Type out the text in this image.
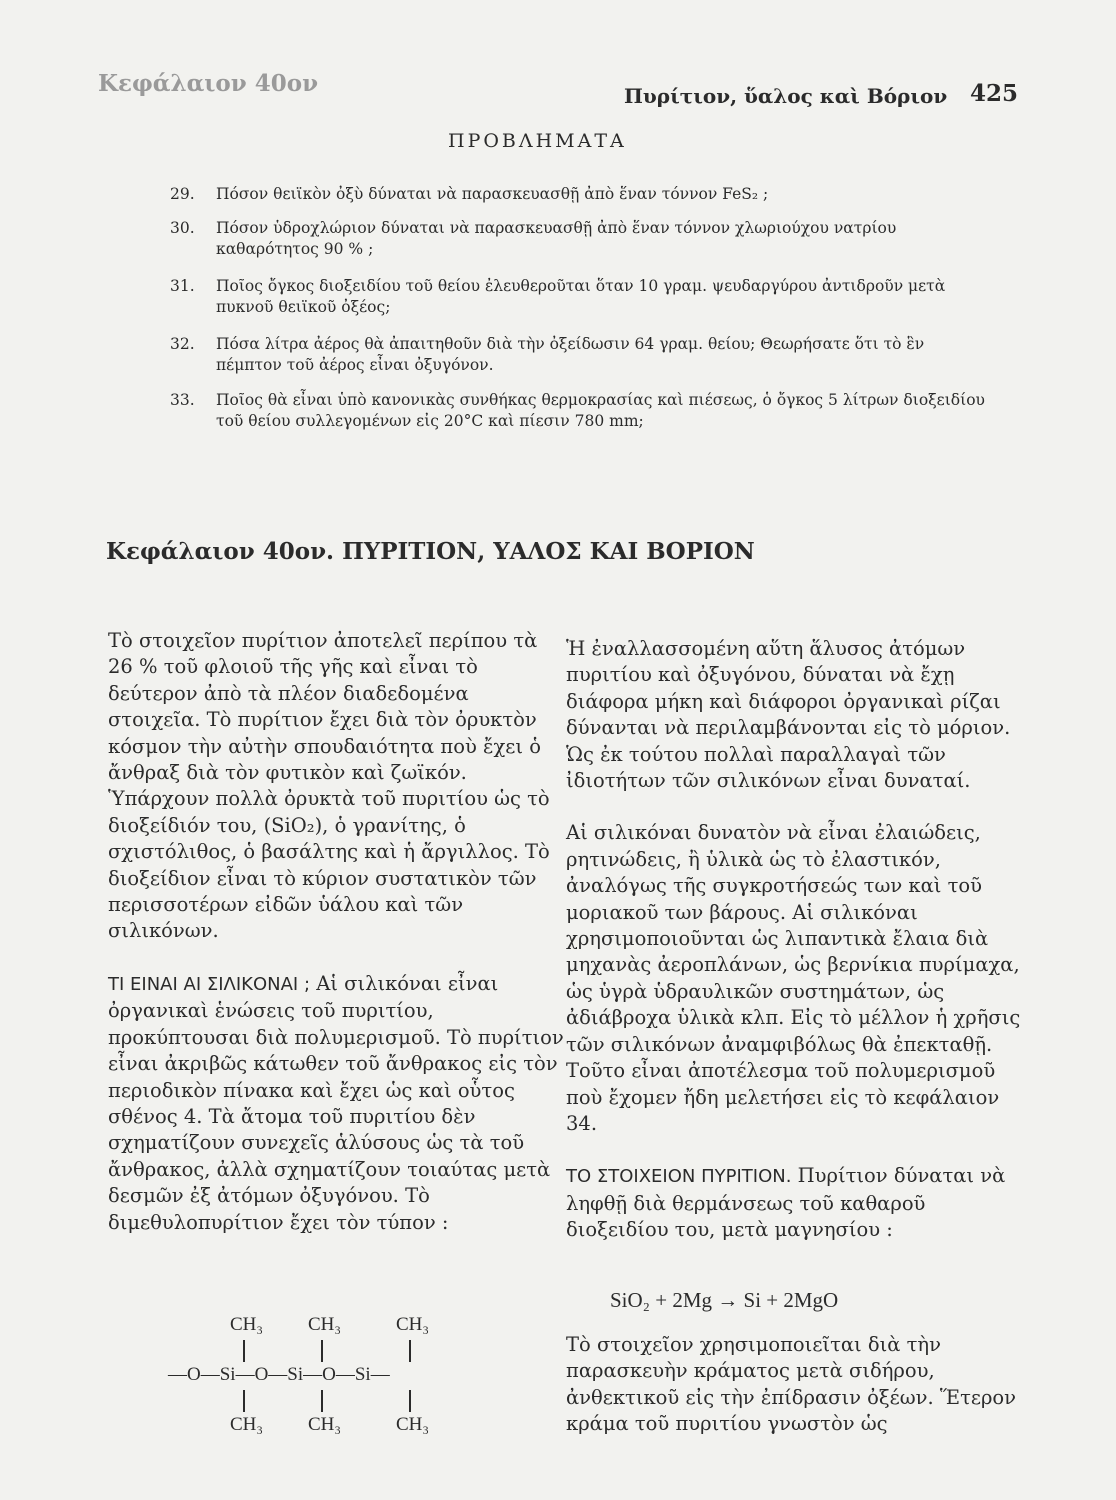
Κεφάλαιον 40ον	Πυρίτιον, ὕαλος καὶ Βόριον 425
ΠΡΟΒΛΗΜΑΤΑ
29. Πόσον θειϊκὸν ὀξὺ δύναται νὰ παρασκευασθῇ ἀπὸ ἕναν τόννον FeS₂ ;
30. Πόσον ὑδροχλώριον δύναται νὰ παρασκευασθῇ ἀπὸ ἕναν τόννον χλωριούχου νατρίου καθαρότητος 90 % ;
31. Ποῖος ὄγκος διοξειδίου τοῦ θείου ἐλευθεροῦται ὅταν 10 γραμ. ψευδαργύρου ἀντιδροῦν μετὰ πυκνοῦ θειϊκοῦ ὀξέος;
32. Πόσα λίτρα ἀέρος θὰ ἀπαιτηθοῦν διὰ τὴν ὀξείδωσιν 64 γραμ. θείου; Θεωρήσατε ὅτι τὸ ἓν πέμπτον τοῦ ἀέρος εἶναι ὀξυγόνον.
33. Ποῖος θὰ εἶναι ὑπὸ κανονικὰς συνθήκας θερμοκρασίας καὶ πιέσεως, ὁ ὄγκος 5 λίτρων διοξειδίου τοῦ θείου συλλεγομένων εἰς 20°C καὶ πίεσιν 780 mm;
Κεφάλαιον 40ον. ΠΥΡΙΤΙΟΝ, ΥΑΛΟΣ ΚΑΙ ΒΟΡΙΟΝ

Τὸ στοιχεῖον πυρίτιον ἀποτελεῖ περίπου τὰ 26 % τοῦ φλοιοῦ τῆς γῆς καὶ εἶναι τὸ δεύτερον ἀπὸ τὰ πλέον διαδεδομένα στοιχεῖα. Τὸ πυρίτιον ἔχει διὰ τὸν ὀρυκτὸν κόσμον τὴν αὐτὴν σπουδαιότητα ποὺ ἔχει ὁ ἄνθραξ διὰ τὸν φυτικὸν καὶ ζωϊκόν. Ὑπάρχουν πολλὰ ὀρυκτὰ τοῦ πυριτίου ὡς τὸ διοξείδιόν του, (SiO₂), ὁ γρανίτης, ὁ σχιστόλιθος, ὁ βασάλτης καὶ ἡ ἄργιλλος. Τὸ διοξείδιον εἶναι τὸ κύριον συστατικὸν τῶν περισσοτέρων εἰδῶν ὑάλου καὶ τῶν σιλικόνων.

ΤΙ ΕΙΝΑΙ ΑΙ ΣΙΛΙΚΟΝΑΙ ; Αἱ σιλικόναι εἶναι ὀργανικαὶ ἑνώσεις τοῦ πυριτίου, προκύπτουσαι διὰ πολυμερισμοῦ. Τὸ πυρίτιον εἶναι ἀκριβῶς κάτωθεν τοῦ ἄνθρακος εἰς τὸν περιοδικὸν πίνακα καὶ ἔχει ὡς καὶ οὗτος σθένος 4. Τὰ ἄτομα τοῦ πυριτίου δὲν σχηματίζουν συνεχεῖς ἁλύσους ὡς τὰ τοῦ ἄνθρακος, ἀλλὰ σχηματίζουν τοιαύτας μετὰ δεσμῶν ἐξ ἀτόμων ὀξυγόνου. Τὸ διμεθυλοπυρίτιον ἔχει τὸν τύπον :

CH₃ CH₃	CH₃
—O—Si—O—Si—O—Si—
CH₃ CH₃	CH₃

Ἡ ἐναλλασσομένη αὕτη ἅλυσος ἀτόμων πυριτίου καὶ ὀξυγόνου, δύναται νὰ ἔχῃ διάφορα μήκη καὶ διάφοροι ὀργανικαὶ ρίζαι δύνανται νὰ περιλαμβάνονται εἰς τὸ μόριον. Ὡς ἐκ τούτου πολλαὶ παραλλαγαὶ τῶν ἰδιοτήτων τῶν σιλικόνων εἶναι δυναταί.

Αἱ σιλικόναι δυνατὸν νὰ εἶναι ἐλαιώδεις, ρητινώδεις, ἢ ὑλικὰ ὡς τὸ ἐλαστικόν, ἀναλόγως τῆς συγκροτήσεώς των καὶ τοῦ μοριακοῦ των βάρους. Αἱ σιλικόναι χρησιμοποιοῦνται ὡς λιπαντικὰ ἔλαια διὰ μηχανὰς ἀεροπλάνων, ὡς βερνίκια πυρίμαχα, ὡς ὑγρὰ ὑδραυλικῶν συστημάτων, ὡς ἀδιάβροχα ὑλικὰ κλπ. Εἰς τὸ μέλλον ἡ χρῆσις τῶν σιλικόνων ἀναμφιβόλως θὰ ἐπεκταθῇ. Τοῦτο εἶναι ἀποτέλεσμα τοῦ πολυμερισμοῦ ποὺ ἔχομεν ἤδη μελετήσει εἰς τὸ κεφάλαιον 34.

ΤΟ ΣΤΟΙΧΕΙΟΝ ΠΥΡΙΤΙΟΝ. Πυρίτιον δύναται νὰ ληφθῇ διὰ θερμάνσεως τοῦ καθαροῦ διοξειδίου του, μετὰ μαγνησίου :

SiO₂ + 2Mg → Si + 2MgO

Τὸ στοιχεῖον χρησιμοποιεῖται διὰ τὴν παρασκευὴν κράματος μετὰ σιδήρου, ἀνθεκτικοῦ εἰς τὴν ἐπίδρασιν ὀξέων. Ἕτερον κράμα τοῦ πυριτίου γνωστὸν ὡς
